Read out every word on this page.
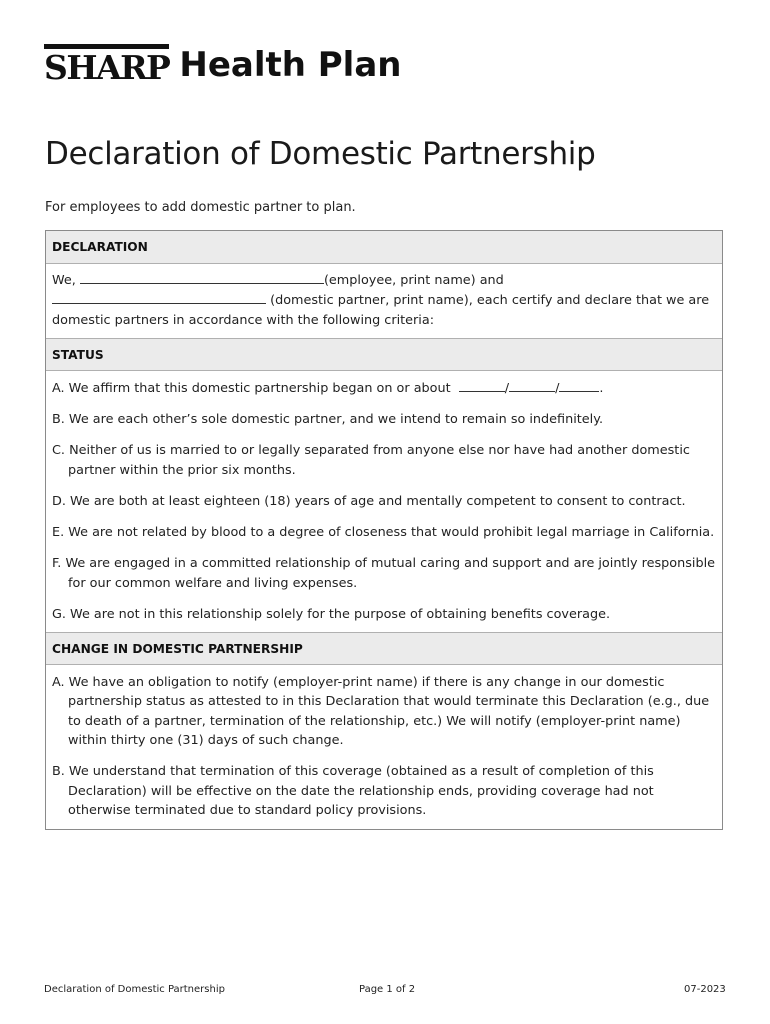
SHARP Health Plan
Declaration of Domestic Partnership

For employees to add domestic partner to plan.

DECLARATION

We,	(employee, print name) and  (domestic partner, print name), each certify and declare that we are domestic partners in accordance with the following criteria:

STATUS

A. We affirm that this domestic partnership began on or about	/	/	.

B. We are each other’s sole domestic partner, and we intend to remain so indefinitely.

C. Neither of us is married to or legally separated from anyone else nor have had another domestic partner within the prior six months.

D. We are both at least eighteen (18) years of age and mentally competent to consent to contract.

E. We are not related by blood to a degree of closeness that would prohibit legal marriage in California.

F. We are engaged in a committed relationship of mutual caring and support and are jointly responsible for our common welfare and living expenses.

G. We are not in this relationship solely for the purpose of obtaining benefits coverage.

CHANGE IN DOMESTIC PARTNERSHIP

A. We have an obligation to notify (employer-print name) if there is any change in our domestic partnership status as attested to in this Declaration that would terminate this Declaration (e.g., due to death of a partner, termination of the relationship, etc.) We will notify (employer-print name) within thirty one (31) days of such change.

B. We understand that termination of this coverage (obtained as a result of completion of this Declaration) will be effective on the date the relationship ends, providing coverage had not otherwise terminated due to standard policy provisions.

Declaration of Domestic Partnership	Page 1 of 2	07-2023
